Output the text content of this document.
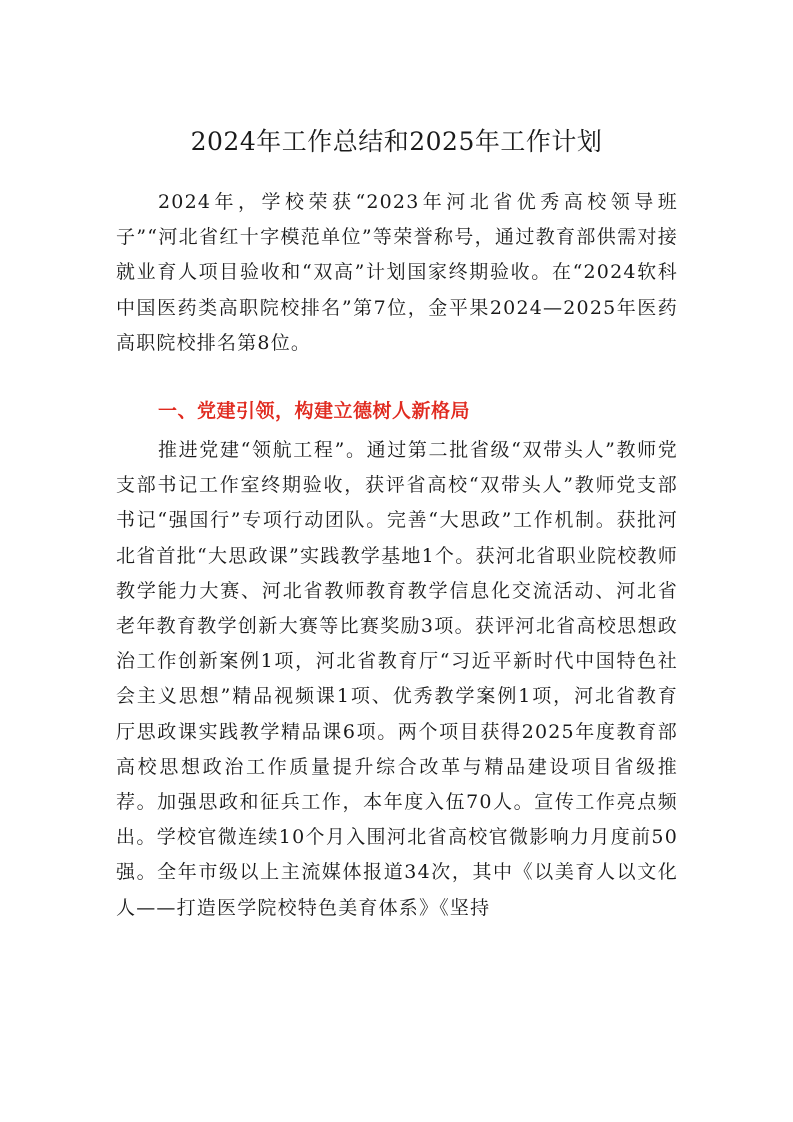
2024年工作总结和2025年工作计划

2024年，学校荣获“2023年河北省优秀高校领导班子”“河北省红十字模范单位”等荣誉称号，通过教育部供需对接就业育人项目验收和“双高”计划国家终期验收。在“2024软科中国医药类高职院校排名”第7位，金平果2024—2025年医药高职院校排名第8位。

一、党建引领，构建立德树人新格局

推进党建“领航工程”。通过第二批省级“双带头人”教师党支部书记工作室终期验收，获评省高校“双带头人”教师党支部书记“强国行”专项行动团队。完善“大思政”工作机制。获批河北省首批“大思政课”实践教学基地1个。获河北省职业院校教师教学能力大赛、河北省教师教育教学信息化交流活动、河北省老年教育教学创新大赛等比赛奖励3项。获评河北省高校思想政治工作创新案例1项，河北省教育厅“习近平新时代中国特色社会主义思想”精品视频课1项、优秀教学案例1项，河北省教育厅思政课实践教学精品课6项。两个项目获得2025年度教育部高校思想政治工作质量提升综合改革与精品建设项目省级推荐。加强思政和征兵工作，本年度入伍70人。宣传工作亮点频出。学校官微连续10个月入围河北省高校官微影响力月度前50强。全年市级以上主流媒体报道34次，其中《以美育人以文化人——打造医学院校特色美育体系》《坚持
